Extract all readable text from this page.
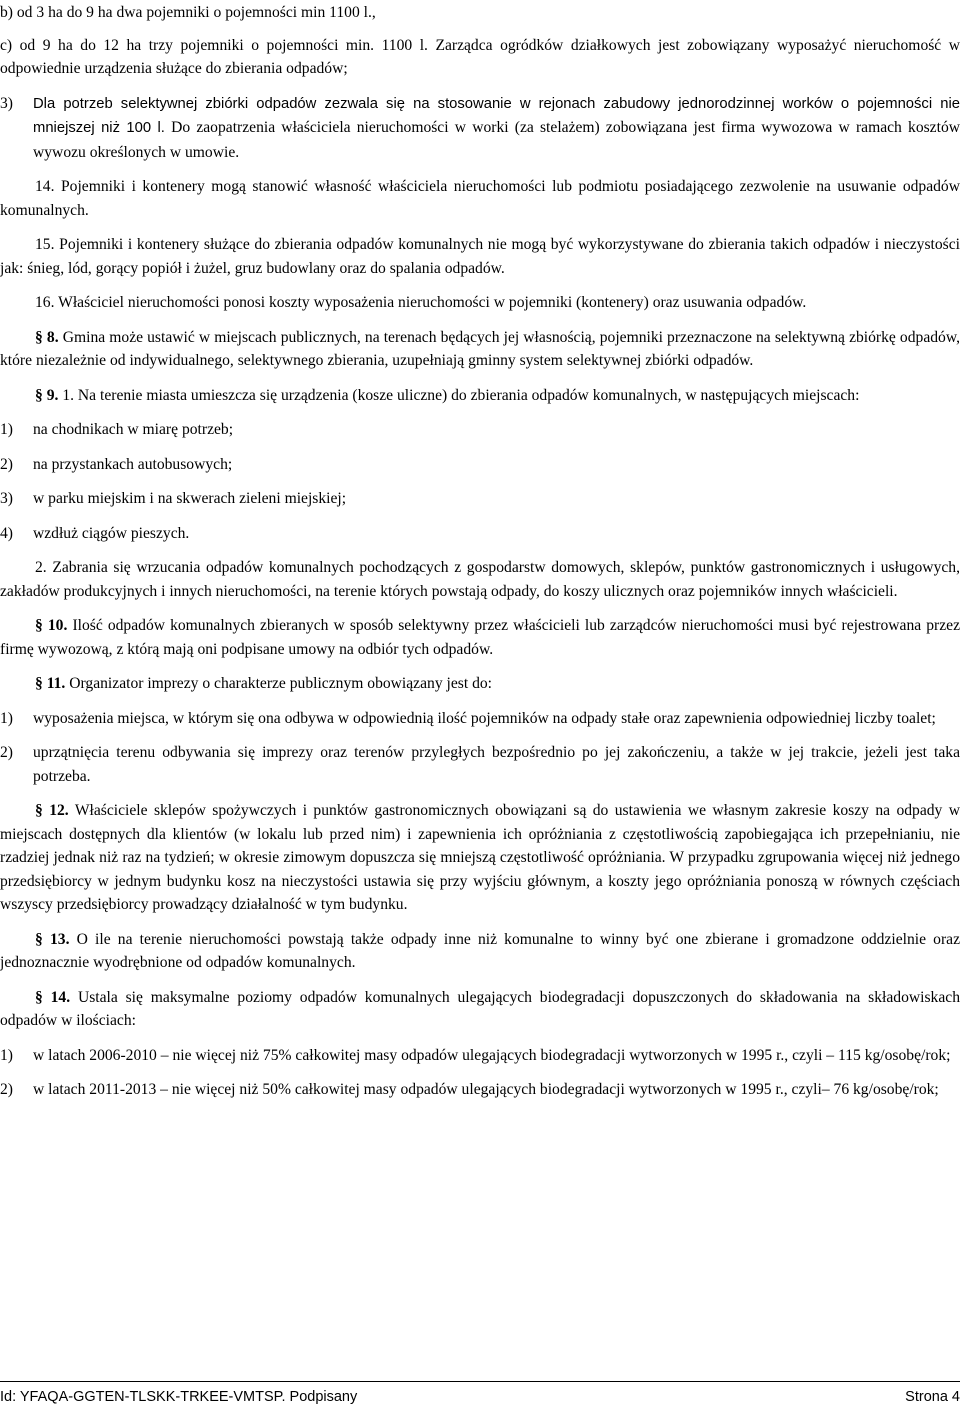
b) od 3 ha do 9 ha dwa pojemniki o pojemności min 1100 l.,

c) od 9 ha do 12 ha trzy pojemniki o pojemności min. 1100 l. Zarządca ogródków działkowych jest zobowiązany wyposażyć nieruchomość w odpowiednie urządzenia służące do zbierania odpadów;

3)	Dla potrzeb selektywnej zbiórki odpadów zezwala się na stosowanie w rejonach zabudowy jednorodzinnej worków o pojemności nie mniejszej niż 100 l. Do zaopatrzenia właściciela nieruchomości w worki (za stelażem) zobowiązana jest firma wywozowa w ramach kosztów wywozu określonych w umowie.

14. Pojemniki i kontenery mogą stanowić własność właściciela nieruchomości lub podmiotu posiadającego zezwolenie na usuwanie odpadów komunalnych.

15. Pojemniki i kontenery służące do zbierania odpadów komunalnych nie mogą być wykorzystywane do zbierania takich odpadów i nieczystości jak: śnieg, lód, gorący popiół i żużel, gruz budowlany oraz do spalania odpadów.

16. Właściciel nieruchomości ponosi koszty wyposażenia nieruchomości w pojemniki (kontenery) oraz usuwania odpadów.

§ 8. Gmina może ustawić w miejscach publicznych, na terenach będących jej własnością, pojemniki przeznaczone na selektywną zbiórkę odpadów, które niezależnie od indywidualnego, selektywnego zbierania, uzupełniają gminny system selektywnej zbiórki odpadów.

§ 9. 1. Na terenie miasta umieszcza się urządzenia (kosze uliczne) do zbierania odpadów komunalnych, w następujących miejscach:

1)	na chodnikach w miarę potrzeb;
2)	na przystankach autobusowych;
3)	w parku miejskim i na skwerach zieleni miejskiej;
4)	wzdłuż ciągów pieszych.

2. Zabrania się wrzucania odpadów komunalnych pochodzących z gospodarstw domowych, sklepów, punktów gastronomicznych i usługowych, zakładów produkcyjnych i innych nieruchomości, na terenie których powstają odpady, do koszy ulicznych oraz pojemników innych właścicieli.

§ 10. Ilość odpadów komunalnych zbieranych w sposób selektywny przez właścicieli lub zarządców nieruchomości musi być rejestrowana przez firmę wywozową, z którą mają oni podpisane umowy na odbiór tych odpadów.

§ 11. Organizator imprezy o charakterze publicznym obowiązany jest do:

1)	wyposażenia miejsca, w którym się ona odbywa w odpowiednią ilość pojemników na odpady stałe oraz zapewnienia odpowiedniej liczby toalet;
2)	uprzątnięcia terenu odbywania się imprezy oraz terenów przyległych bezpośrednio po jej zakończeniu, a także w jej trakcie, jeżeli jest taka potrzeba.

§ 12. Właściciele sklepów spożywczych i punktów gastronomicznych obowiązani są do ustawienia we własnym zakresie koszy na odpady w miejscach dostępnych dla klientów (w lokalu lub przed nim) i zapewnienia ich opróżniania z częstotliwością zapobiegająca ich przepełnianiu, nie rzadziej jednak niż raz na tydzień; w okresie zimowym dopuszcza się mniejszą częstotliwość opróżniania. W przypadku zgrupowania więcej niż jednego przedsiębiorcy w jednym budynku kosz na nieczystości ustawia się przy wyjściu głównym, a koszty jego opróżniania ponoszą w równych częściach wszyscy przedsiębiorcy prowadzący działalność w tym budynku.

§ 13. O ile na terenie nieruchomości powstają także odpady inne niż komunalne to winny być one zbierane i gromadzone oddzielnie oraz jednoznacznie wyodrębnione od odpadów komunalnych.

§ 14. Ustala się maksymalne poziomy odpadów komunalnych ulegających biodegradacji dopuszczonych do składowania na składowiskach odpadów w ilościach:

1)	w latach 2006-2010 – nie więcej niż 75% całkowitej masy odpadów ulegających biodegradacji wytworzonych w 1995 r., czyli – 115 kg/osobę/rok;
2)	w latach 2011-2013 – nie więcej niż 50% całkowitej masy odpadów ulegających biodegradacji wytworzonych w 1995 r., czyli– 76 kg/osobę/rok;
Id: YFAQA-GGTEN-TLSKK-TRKEE-VMTSP. Podpisany	Strona 4
